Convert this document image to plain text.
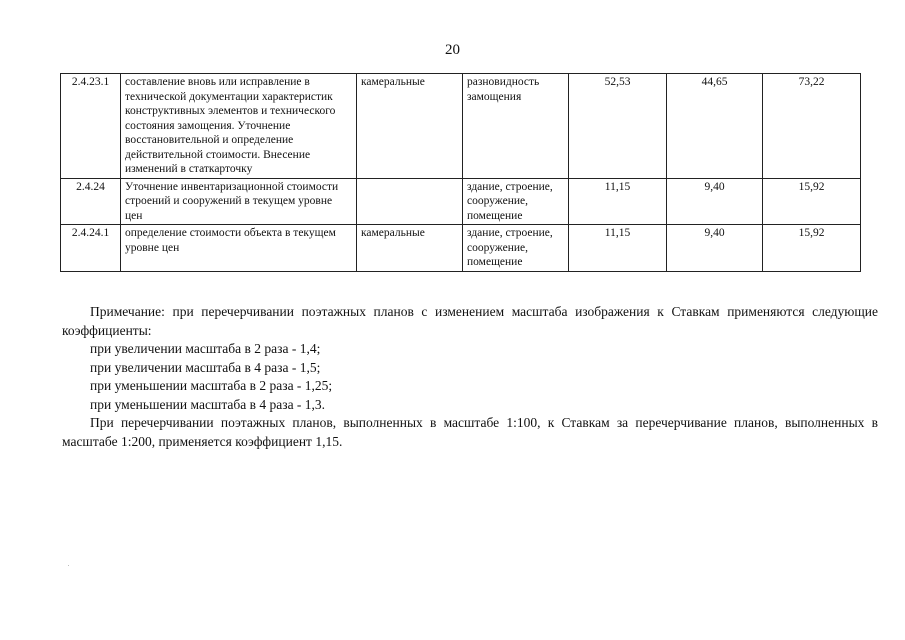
20
2.4.23.1	составление вновь или исправление в технической документации характеристик конструктивных элементов и технического состояния замощения. Уточнение восстановительной и определение действительной стоимости. Внесение изменений в статкарточку	камеральные	разновидность замощения	52,53	44,65	73,22
2.4.24	Уточнение инвентаризационной стоимости строений и сооружений в текущем уровне цен		здание, строение, сооружение, помещение	11,15	9,40	15,92
2.4.24.1	определение стоимости объекта в текущем уровне цен	камеральные	здание, строение, сооружение, помещение	11,15	9,40	15,92

Примечание: при перечерчивании поэтажных планов с изменением масштаба изображения к Ставкам применяются следующие коэффициенты:

при увеличении масштаба в 2 раза - 1,4;

при увеличении масштаба в 4 раза - 1,5;

при уменьшении масштаба в 2 раза - 1,25;

при уменьшении масштаба в 4 раза - 1,3.

При перечерчивании поэтажных планов, выполненных в масштабе 1:100, к Ставкам за перечерчивание планов, выполненных в масштабе 1:200, применяется коэффициент 1,15.
